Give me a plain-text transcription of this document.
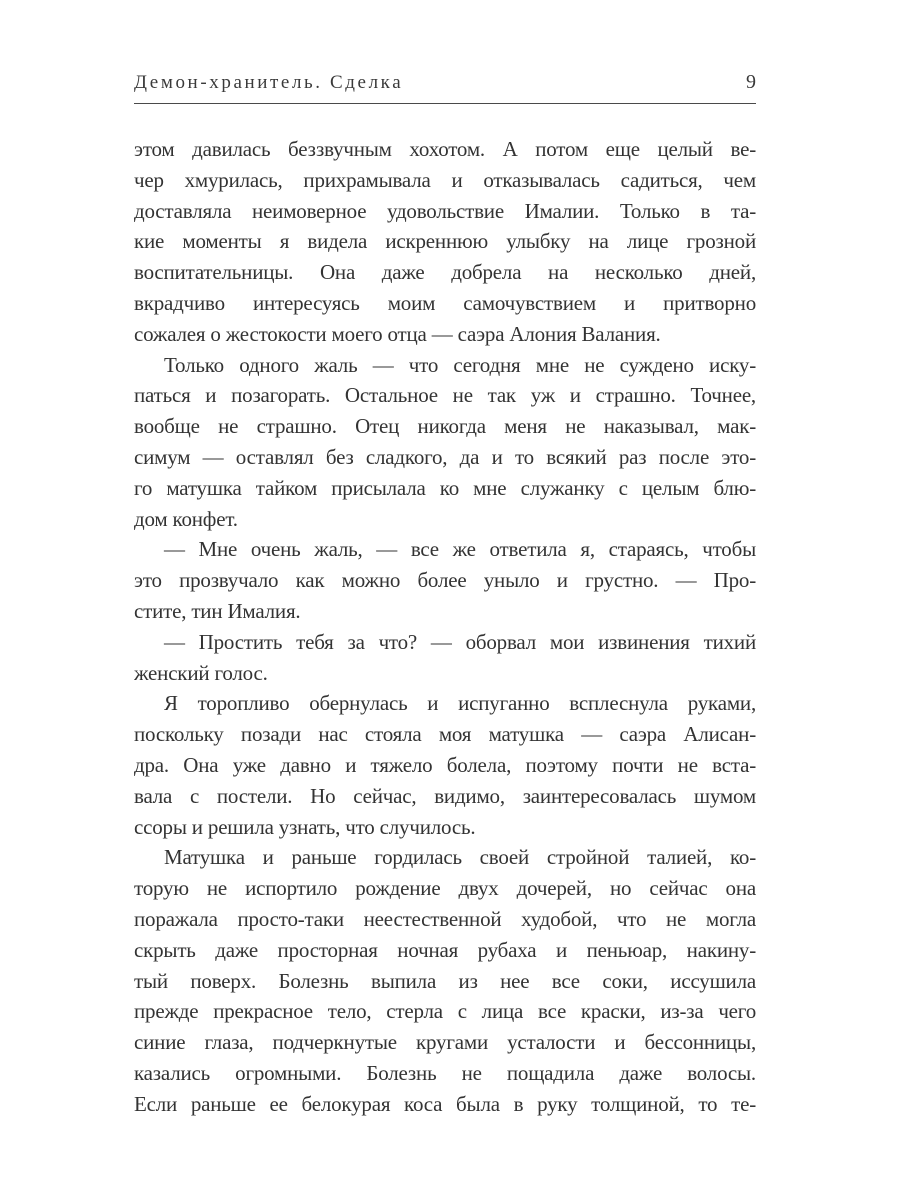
Демон-хранитель. Сделка	9
этом давилась беззвучным хохотом. А потом еще целый ве-
чер хмурилась, прихрамывала и отказывалась садиться, чем
доставляла неимоверное удовольствие Ималии. Только в та-
кие моменты я видела искреннюю улыбку на лице грозной
воспитательницы. Она даже добрела на несколько дней,
вкрадчиво интересуясь моим самочувствием и притворно
сожалея о жестокости моего отца — саэра Алония Валания.
Только одного жаль — что сегодня мне не суждено иску-
паться и позагорать. Остальное не так уж и страшно. Точнее,
вообще не страшно. Отец никогда меня не наказывал, мак-
симум — оставлял без сладкого, да и то всякий раз после это-
го матушка тайком присылала ко мне служанку с целым блю-
дом конфет.
— Мне очень жаль, — все же ответила я, стараясь, чтобы
это прозвучало как можно более уныло и грустно. — Про-
стите, тин Ималия.
— Простить тебя за что? — оборвал мои извинения тихий
женский голос.
Я торопливо обернулась и испуганно всплеснула руками,
поскольку позади нас стояла моя матушка — саэра Алисан-
дра. Она уже давно и тяжело болела, поэтому почти не вста-
вала с постели. Но сейчас, видимо, заинтересовалась шумом
ссоры и решила узнать, что случилось.
Матушка и раньше гордилась своей стройной талией, ко-
торую не испортило рождение двух дочерей, но сейчас она
поражала просто-таки неестественной худобой, что не могла
скрыть даже просторная ночная рубаха и пеньюар, накину-
тый поверх. Болезнь выпила из нее все соки, иссушила
прежде прекрасное тело, стерла с лица все краски, из-за чего
синие глаза, подчеркнутые кругами усталости и бессонницы,
казались огромными. Болезнь не пощадила даже волосы.
Если раньше ее белокурая коса была в руку толщиной, то те-
